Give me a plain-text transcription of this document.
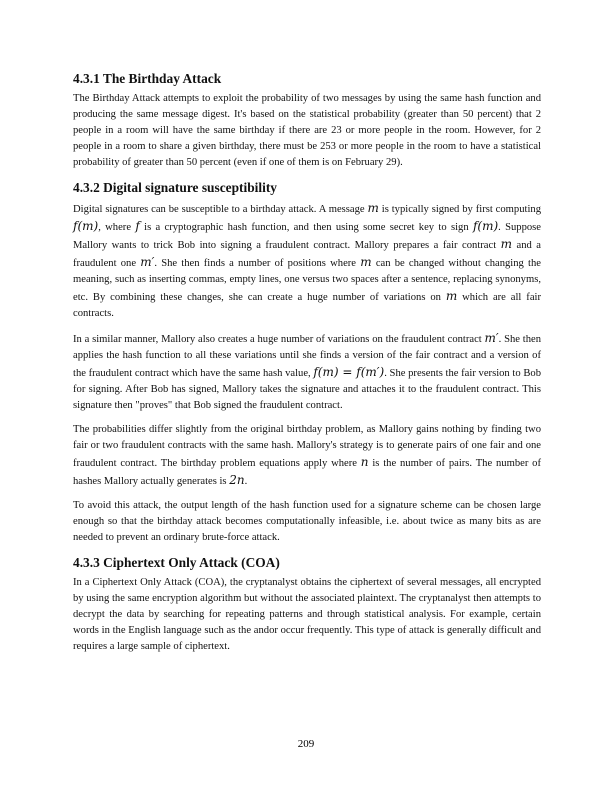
4.3.1 The Birthday Attack

The Birthday Attack attempts to exploit the probability of two messages by using the same hash function and producing the same message digest. It's based on the statistical probability (greater than 50 percent) that 2 people in a room will have the same birthday if there are 23 or more people in the room. However, for 2 people in a room to share a given birthday, there must be 253 or more people in the room to have a statistical probability of greater than 50 percent (even if one of them is on February 29).

4.3.2 Digital signature susceptibility

Digital signatures can be susceptible to a birthday attack. A message m is typically signed by first computing f(m), where f is a cryptographic hash function, and then using some secret key to sign f(m). Suppose Mallory wants to trick Bob into signing a fraudulent contract. Mallory prepares a fair contract m and a fraudulent one m′. She then finds a number of positions where m can be changed without changing the meaning, such as inserting commas, empty lines, one versus two spaces after a sentence, replacing synonyms, etc. By combining these changes, she can create a huge number of variations on m which are all fair contracts.

In a similar manner, Mallory also creates a huge number of variations on the fraudulent contract m′. She then applies the hash function to all these variations until she finds a version of the fair contract and a version of the fraudulent contract which have the same hash value, f(m) = f(m′). She presents the fair version to Bob for signing. After Bob has signed, Mallory takes the signature and attaches it to the fraudulent contract. This signature then "proves" that Bob signed the fraudulent contract.

The probabilities differ slightly from the original birthday problem, as Mallory gains nothing by finding two fair or two fraudulent contracts with the same hash. Mallory's strategy is to generate pairs of one fair and one fraudulent contract. The birthday problem equations apply where n is the number of pairs. The number of hashes Mallory actually generates is 2n.

To avoid this attack, the output length of the hash function used for a signature scheme can be chosen large enough so that the birthday attack becomes computationally infeasible, i.e. about twice as many bits as are needed to prevent an ordinary brute-force attack.

4.3.3 Ciphertext Only Attack (COA)

In a Ciphertext Only Attack (COA), the cryptanalyst obtains the ciphertext of several messages, all encrypted by using the same encryption algorithm but without the associated plaintext. The cryptanalyst then attempts to decrypt the data by searching for repeating patterns and through statistical analysis. For example, certain words in the English language such as the andor occur frequently. This type of attack is generally difficult and requires a large sample of ciphertext.

209
